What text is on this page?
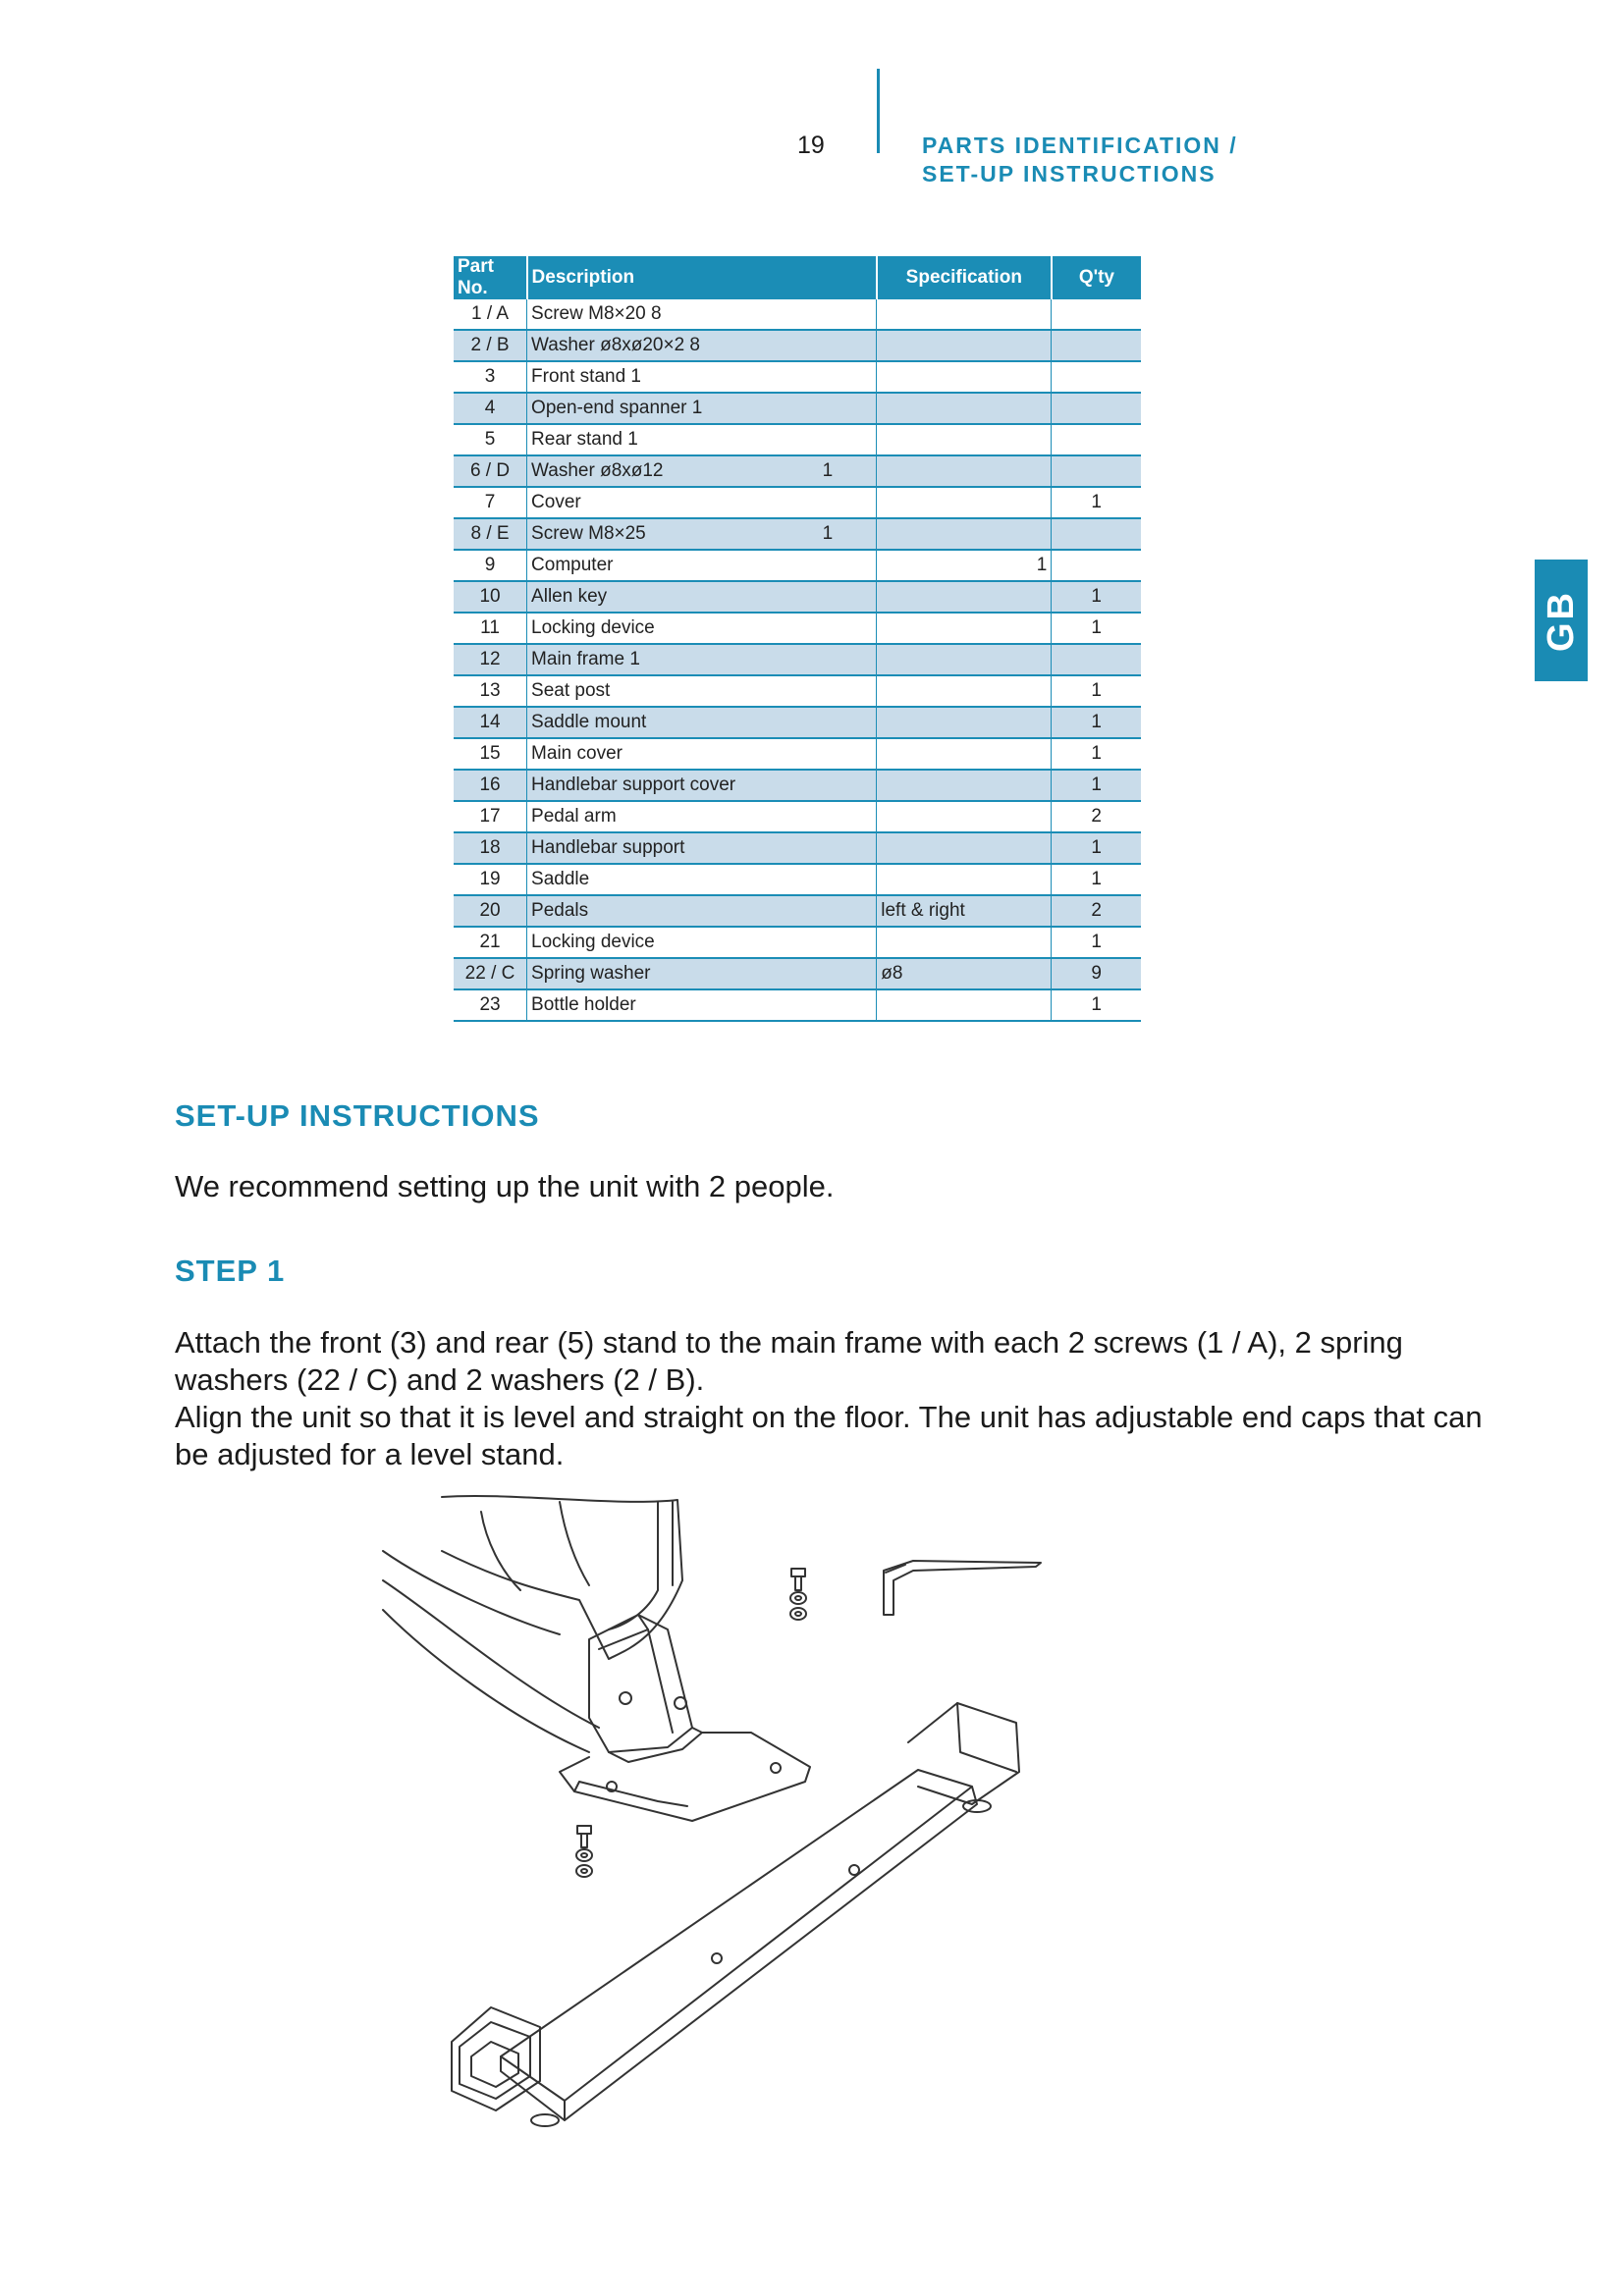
19	PARTS IDENTIFICATION /
SET-UP INSTRUCTIONS
GB
Part No.	Description	Specification	Q'ty
1 / A	Screw M8×20 8		
2 / B	Washer ø8xø20×2 8		
3	Front stand 1		
4	Open-end spanner 1		
5	Rear stand 1		
6 / D	Washer ø8xø12 1		

7	Cover		1
8 / E	Screw M8×25 1		

9	Computer	1	
10	Allen key		1
11	Locking device		1
12	Main frame 1		
13	Seat post		1
14	Saddle mount		1
15	Main cover		1
16	Handlebar support cover		1
17	Pedal arm		2
18	Handlebar support		1
19	Saddle		1
20	Pedals	left & right	2
21	Locking device		1
22 / C	Spring washer	ø8	9
23	Bottle holder		1
SET-UP INSTRUCTIONS

We recommend setting up the unit with 2 people.

STEP 1

Attach the front (3) and rear (5) stand to the main frame with each 2 screws (1 / A), 2 spring washers (22 / C) and 2 washers (2 / B).

Align the unit so that it is level and straight on the floor. The unit has adjustable end caps that can be adjusted for a level stand.
